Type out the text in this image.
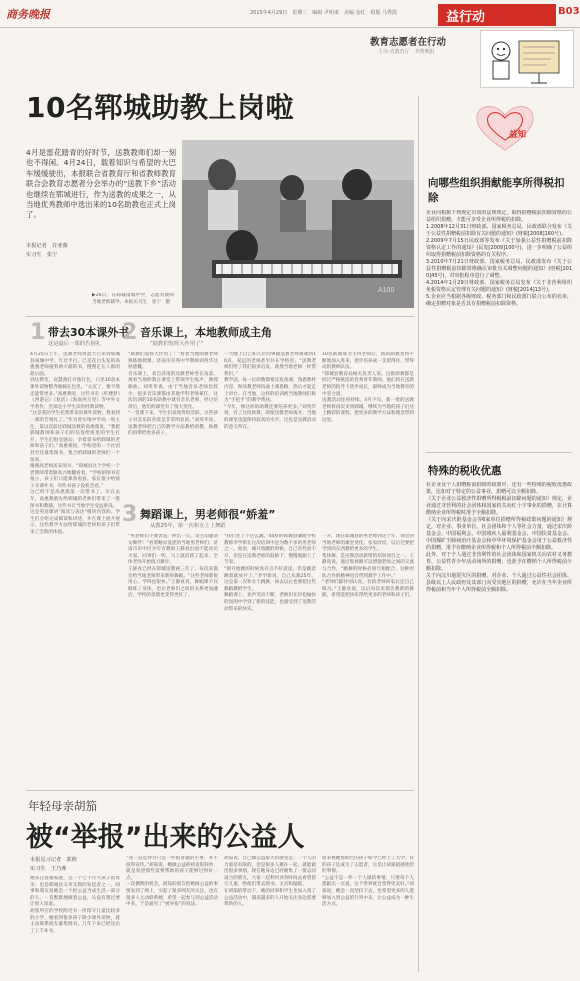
商务晚报	2015年4月29日　星期三　编辑 尹明来　美编 金红　组版 马秀霞	益行动	B03
教育志愿者在行动
主办:省教育厅　齐鲁晚报
10名郓城助教上岗啦
4月是雷花踏青的好时节，送教教师们却一刻也不得闲。4月24日，载着知识与希望的大巴车缓缓驶出，本报联合省教育厅和省教师教育联合会教育志愿者分会举办的“送教下乡”活动也继续在郓城进行，作为送教的成果之一，从当地优秀教师中选出来的10名助教也正式上岗了。
本报记者　许亚薇
实习生　张宁
▶26日，在郓城南城中学，志愿者教师当地老师辅导。本报实习生　张宁　摄
A100
益知
向哪些组织捐献能享所得税扣除
企业向根据下列规定有效的法规规定，取得捐赠税前扣除资格的公益组织捐赠，才能可享受企业所得税的扣除。
1.2008年12月31日财政部、国家税务总局、民政部联合发布《关于公益性捐赠税前扣除有关问题的通知》(财税[2008]160号)。
2.2009年7月15日民政部等发布《关于加强公益性捐赠税前扣除资格认定工作的通知》(民发[2009]100号)，进一步明确了公益组织取得捐赠税前扣除资格的有关程序。
3.2010年7月21日财政部、国家税务总局、民政部发布《关于公益性捐赠税前扣除资格确认审批有关调整问题的通知》(财税[2010]45号)，对审批程序进行了调整。
4.2014年1月29日财政部、国家税务总局发布《关于非营利组织免税资格认定管理有关问题的通知》(财税[2014]13号)。
5.企业应当根据各级财政、税务部门和民政部门联合公布的名单，确定捐赠对象是否具有捐赠税前扣除资格。
特殊的税收优惠
在企业及个人捐赠税前扣除的政策中，还有一些特殊的税收优惠政策，比如对于特定的公益事业，捐赠可以全额扣除。
《关于企业公益救济性捐赠所得税税前扣除问题的通知》规定，企业通过非营利的社会团体和国家机关向红十字事业的捐赠，在计算缴纳企业所得税时准予全额扣除。
《关于向宋庆龄基金会等6家单位捐赠所得税政策问题的通知》规定，对企业、事业单位、社会团体和个人等社会力量，通过宋庆龄基金会、中国福利会、中国残疾人福利基金会、中国扶贫基金会、中国煤矿尘肺病治疗基金会和中华环境保护基金会用于公益救济性的捐赠，准予在缴纳企业所得税和个人所得税前全额扣除。
此外，对于个人通过非营利性的社会团体和国家机关向农村义务教育、公益性青少年活动场所的捐赠，也准予在缴纳个人所得税前全额扣除。
关于向汶川地震灾区的捐赠，对企业、个人通过公益性社会团体、县级以上人民政府及其部门向受灾地区的捐赠，允许在当年企业所得税前和当年个人所得税前全额扣除。
1 带去30本课外书
这是最后一课的告别礼
4月25日上午，送教老师黄盈大巴来到郓城县南城中学，年过半百，已是花白头发的高惠燕老师拖着两大箱的书，慢慢走在人群的最后面。
到达教室，高慧燕打开旅行包，只见30余本课外读物整齐地躺在包里。“太沉了，要不然还能带更多。”高惠燕说，这些书有《红楼梦》《西游记》《复活》《海底两万里》等中外文学著作，全部是小学生读的经典读物。
“这是我的学生托我带来的课外读物，我看到一课的告别礼了。”作为曾实地中学高一班主任，第以次前往郓城送教的高惠燕说，“我把郓城教师和孩子们的信发给班里的学生打开，学生们很受感动，争着拿书给郓城的老师和孩子们。”高惠燕说，学校里的一个社团甚至还募集图书，集合给郓城的老师们一个惊喜。
谢谢高老师送来图书，“郓城县这个学校一个老教师带着跟高兴地翻看着。“学校的图书室很小，孩子们只能课余看看。家长很少给孩子买课外书，有些书孩子没机会看。”
这已经不是高惠燕第一次带书了。早在去年，高惠燕就先给郓城的老师们带来了一批图书和教辅，这些书让当地学生受益匪浅。
这是英语课讲“阅读与表达”模块内容的。学生们分组完成阅读和讲述，并在课上展开展示，这些教学方法给郓城的老师和孩子们带来了全新的体验。
2 音乐课上，本地教师成主角
“助教们发挥大作用了”
“助教们发挥大作用了！”看着当地助教老师熟练地授课，济南市育英中学教师刘英华这样感慨。
音乐课上，来自济南的送教老师坐在角落，观看当地助教在课堂上带领学生练声、教授歌曲。刘英华说，由于当地音乐老师比较少，很多音乐课都由其他学科老师兼任，这次培训的10名助教中就有音乐老师，经过培训后，他们的课堂有了很大变化。
“一堂课下来，学生们表现得很活跃，这些孩子对音乐的喜爱是非常明显的。”刘英华说，送教老师把自己的教学方法教给助教，助教们再带给更多孩子。
一天晚上自己和几位同事随送教老师备课到10点，家远的老师甚至住在学校里。“送教老师们给了我们很多启发，就像当地老师一样帮我们。”
教学前，每一位助教都要反复备课，熟悉教材内容，和送教老师沟通上课思路，然后才能走上讲台。在当地，这样的培训被当地教师们称为“手把手”的教学帮扶。
“今年，像这样的助教还要培养更多。”刘英华说，有了这批助教，即使送教老师离开，当地的课堂也能保持较高的水平，这也是送教活动的意义所在。
10名助教成为主讲老师后，新的助教也将不断地加入进来，逐步培养成一支留得住、带得动的教师队伍。
“郓城县教育局相关负责人说，这批助教都是经过严格挑选的优秀青年教师，他们将在送教老师的指导下逐步成长，最终成为当地教育的中坚力量。
送教活动还将持续，4月下旬，新一批的送教老师将再次来到郓城，继续为当地的孩子们送上精彩的课程，把更多的教学方法和理念带到这里。
3 舞蹈课上，男老师很“娇羞”
从教25年，第一次和女士上舞蹈
“男老师们不要害羞，伸出一点，请主动邀请女舞伴！”看着略显羞涩的当地男老师们，济南市市中区少年宫教师王静真出面不能动员大家。同事们一听，马上就活跃了起来，全体老师开始练习舞步。
王静真已经在郓城送教两三年了，每次来都会给当地老师带来新的舞蹈。“这些老师都很用心，学得也很快。”王静真说，舞蹈课不仅锻炼了身体，也让老师们之间的关系更加融洽，学校的氛围也变得更好了。
“我们老上不这么跳。”44岁的郓城县潘渡学校教师李学新在这次培训中是为数不多的男老师之一。他说，刚开始跳的时候，自己有些放不开，但是在送教老师的鼓励下，慢慢地跟上了节奏。
“刚开始跳的时候真有点不好意思，但是跳着跳着就放开了。”李学新说，自己从教25年，这是第一次和女士跳舞，回去以后也要把这些舞蹈教给学生。
舞蹈课上，欢声笑语不断，老师们在轻松愉快的氛围中学到了新的技能，也感受到了送教活动带来的快乐。
一开，现在郓城县的男老师到这个年，领会到当地老师的课堂变化。张家欣说，以后还要把学到的东西教给更多的学生。
集体舞，是送教活动新增的培训项目之一。王静真说，通过集体舞可以增强老师之间的交流与合作，“跳舞的时候必须互相配合，这种团队合作的精神也会带到教学工作中。”
“老师们都特别认真，有的老师回家后还自己练习。”王静真说，以后每次来都会教新的舞蹈，希望能把快乐带给更多的老师和孩子们。
年轻母亲胡笳
被“举报”出来的公益人
本报见习记者　郭帅
实习生　王乃燕
她来自普通家庭，是一个七个月大孩子的母亲，也是郓城县义务支教的发起者之一。同事和朋友说她是一个把公益当成生活一部分的人，一直默默地做着公益，从没有想过要让别人知道。
胡笳所在的学校附近有一所留守儿童比较多的小学，她看到很多孩子缺少课外读物，就主动联系朋友募集图书，几年下来已经送出了上千本书。
“我一直觉得这只是一件很普通的小事，并不值得宣传。”胡笳说，她做公益的初衷很简单，就是希望那些需要帮助的孩子能够过得好一点。
一次偶然的机会，胡笳的朋友把她做公益的事情发到了网上，引起了很多网友的关注，也有很多人主动联系她，希望一起参与到公益活动中来，于是就有了“被举报”的说法。
胡笳说，自己做公益最大的感受是：一个人的力量是有限的，但是很多人聚在一起，就能做出很多事情。现在她身边已经聚集了一批志同道合的朋友，大家一起利用业余时间去看望留守儿童，给他们带去图书、文具和温暖。
在胡笳的带动下，她的同事和学生也加入到了公益活动中，越来越多的人开始关注身边需要帮助的人。
原来被她帮助过的孩子如今已经上了大学，有的孩子还成为了志愿者，这是让胡笳最感欣慰的事情。
“公益不是一件一个人做的事情，只要每个人都献出一点爱，这个世界就会变得更美好。”胡笳说，她会一直坚持下去，也希望更多的人能够加入到公益的行列中来，让公益成为一种生活方式。
